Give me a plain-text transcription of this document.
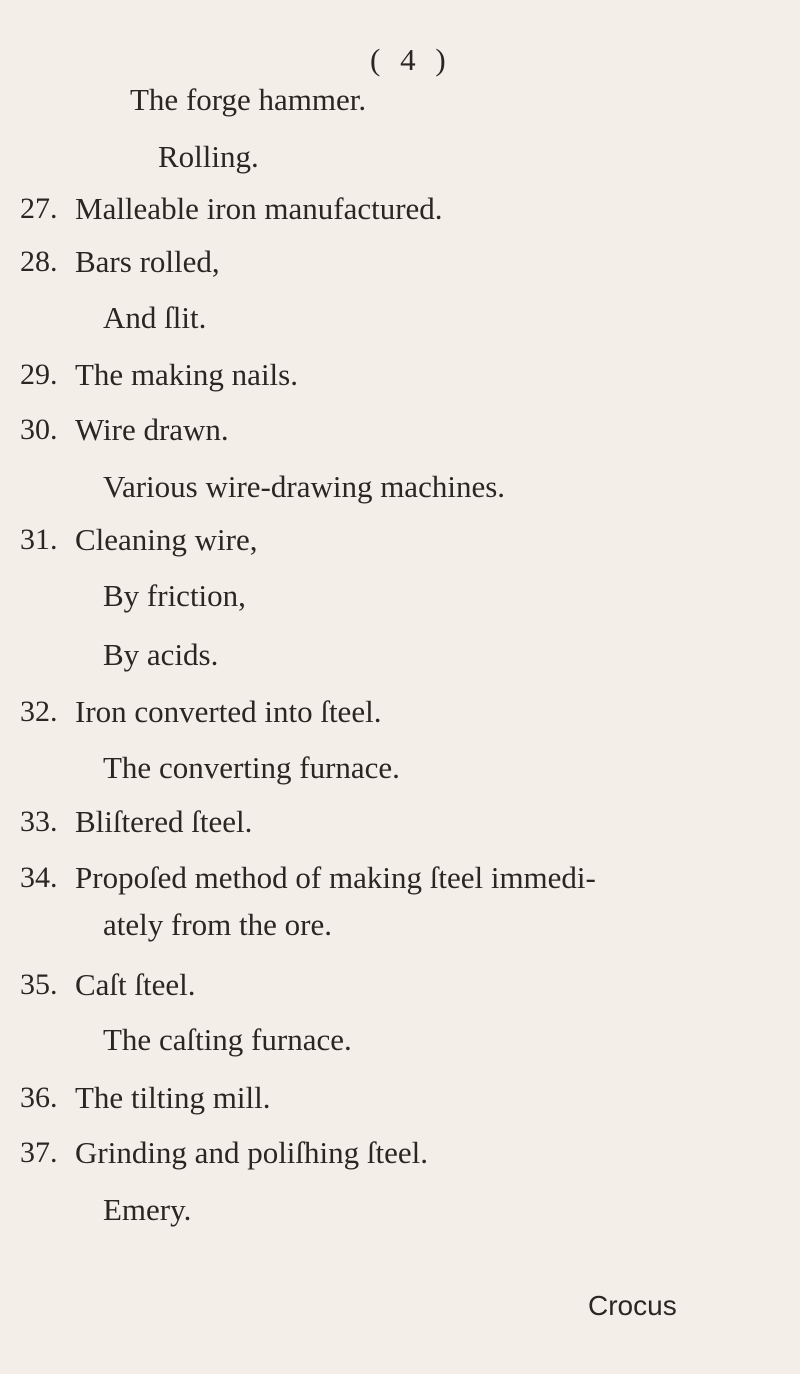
( 4 )
The forge hammer.
Rolling.
27. Malleable iron manufactured.
28. Bars rolled,
And ſlit.
29. The making nails.
30. Wire drawn.
Various wire-drawing machines.
31. Cleaning wire,
By friction,
By acids.
32. Iron converted into ſteel.
The converting furnace.
33. Bliſtered ſteel.
34. Propoſed method of making ſteel immedi-
ately from the ore.
35. Caſt ſteel.
The caſting furnace.
36. The tilting mill.
37. Grinding and poliſhing ſteel.
Emery.
Crocus
